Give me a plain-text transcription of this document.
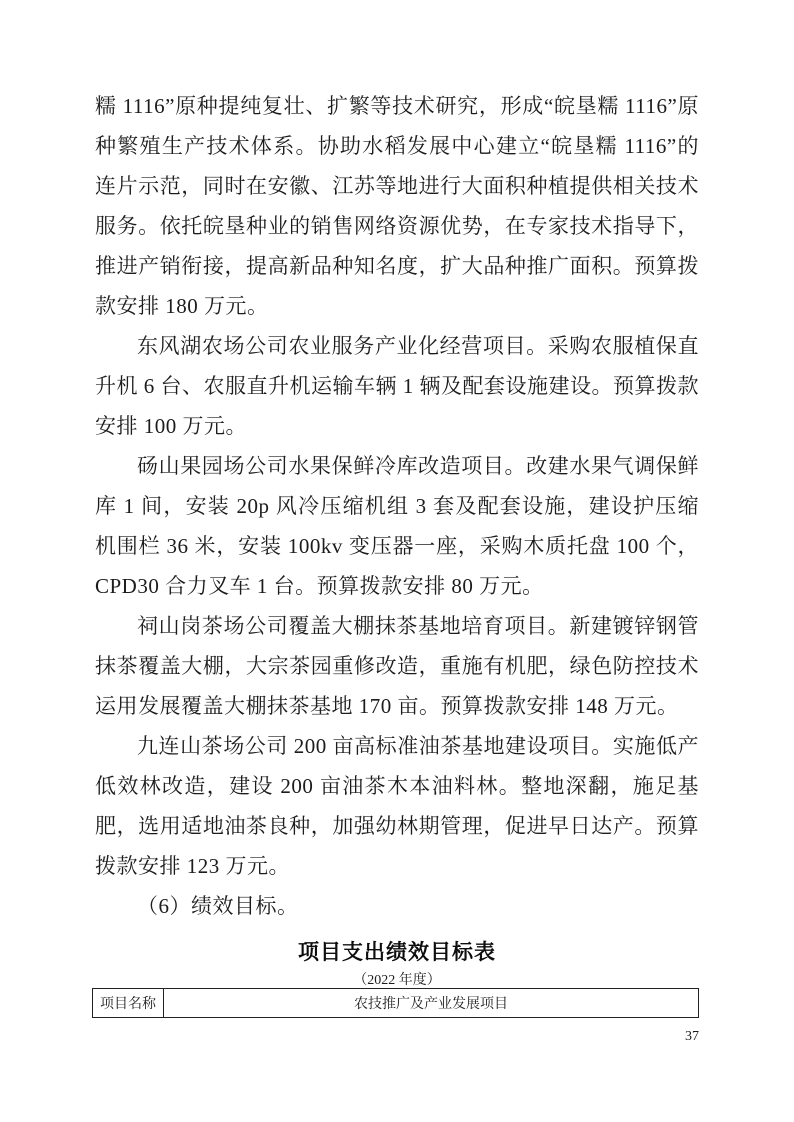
糯 1116”原种提纯复壮、扩繁等技术研究，形成“皖垦糯 1116”原种繁殖生产技术体系。协助水稻发展中心建立“皖垦糯 1116”的连片示范，同时在安徽、江苏等地进行大面积种植提供相关技术服务。依托皖垦种业的销售网络资源优势，在专家技术指导下，推进产销衔接，提高新品种知名度，扩大品种推广面积。预算拨款安排 180 万元。

东风湖农场公司农业服务产业化经营项目。采购农服植保直升机 6 台、农服直升机运输车辆 1 辆及配套设施建设。预算拨款安排 100 万元。

砀山果园场公司水果保鲜冷库改造项目。改建水果气调保鲜库 1 间，安装 20p 风冷压缩机组 3 套及配套设施，建设护压缩机围栏 36 米，安装 100kv 变压器一座，采购木质托盘 100 个，CPD30 合力叉车 1 台。预算拨款安排 80 万元。

祠山岗茶场公司覆盖大棚抹茶基地培育项目。新建镀锌钢管抹茶覆盖大棚，大宗茶园重修改造，重施有机肥，绿色防控技术运用发展覆盖大棚抹茶基地 170 亩。预算拨款安排 148 万元。

九连山茶场公司 200 亩高标准油茶基地建设项目。实施低产低效林改造，建设 200 亩油茶木本油料林。整地深翻，施足基肥，选用适地油茶良种，加强幼林期管理，促进早日达产。预算拨款安排 123 万元。

（6）绩效目标。

项目支出绩效目标表
（2022 年度）
项目名称	农技推广及产业发展项目
37
